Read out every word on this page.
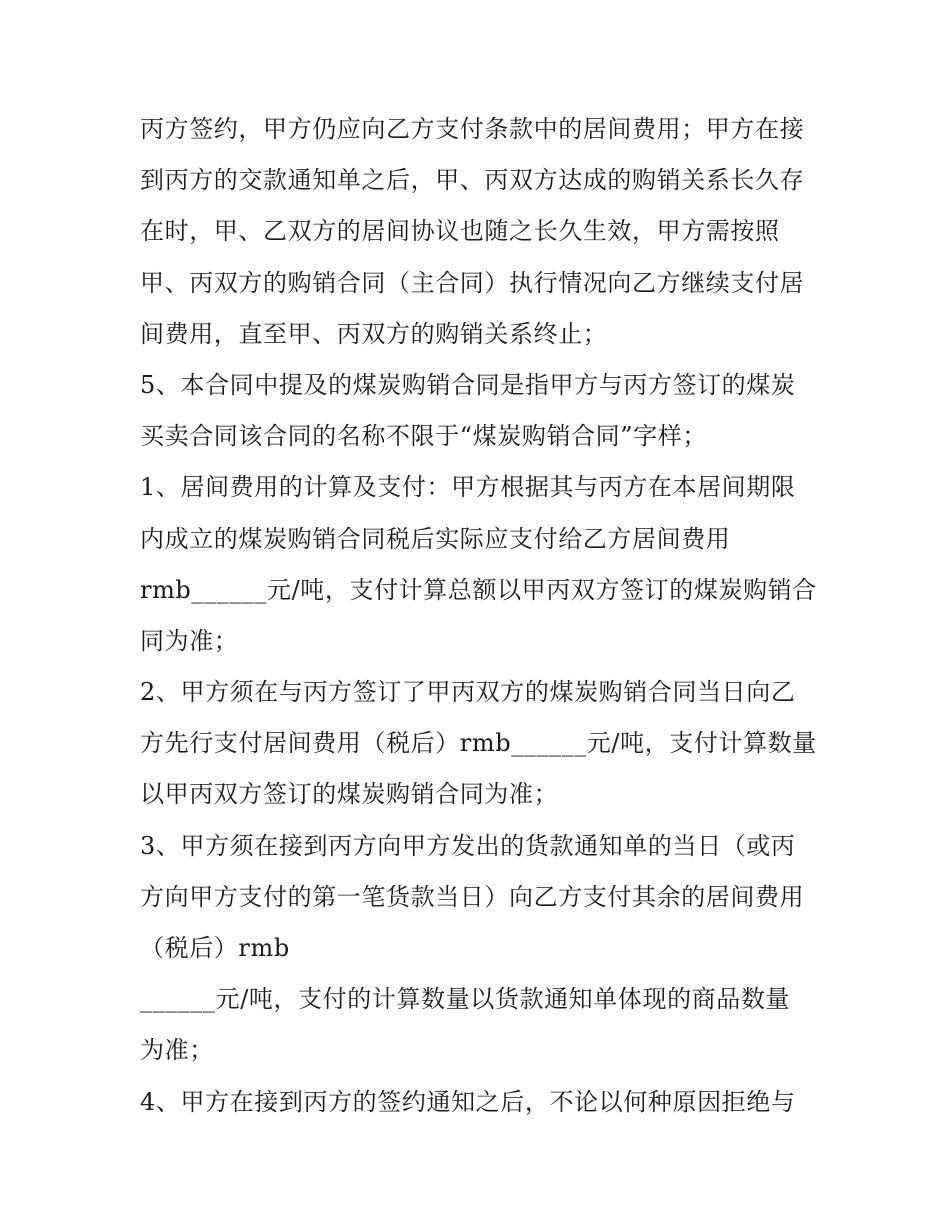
丙方签约，甲方仍应向乙方支付条款中的居间费用；甲方在接
到丙方的交款通知单之后，甲、丙双方达成的购销关系长久存
在时，甲、乙双方的居间协议也随之长久生效，甲方需按照
甲、丙双方的购销合同（主合同）执行情况向乙方继续支付居
间费用，直至甲、丙双方的购销关系终止；
5、本合同中提及的煤炭购销合同是指甲方与丙方签订的煤炭
买卖合同该合同的名称不限于“煤炭购销合同”字样；
1、居间费用的计算及支付：甲方根据其与丙方在本居间期限
内成立的煤炭购销合同税后实际应支付给乙方居间费用
rmb______元/吨，支付计算总额以甲丙双方签订的煤炭购销合
同为准；
2、甲方须在与丙方签订了甲丙双方的煤炭购销合同当日向乙
方先行支付居间费用（税后）rmb______元/吨，支付计算数量
以甲丙双方签订的煤炭购销合同为准；
3、甲方须在接到丙方向甲方发出的货款通知单的当日（或丙
方向甲方支付的第一笔货款当日）向乙方支付其余的居间费用
（税后）rmb
______元/吨，支付的计算数量以货款通知单体现的商品数量
为准；
4、甲方在接到丙方的签约通知之后，不论以何种原因拒绝与
